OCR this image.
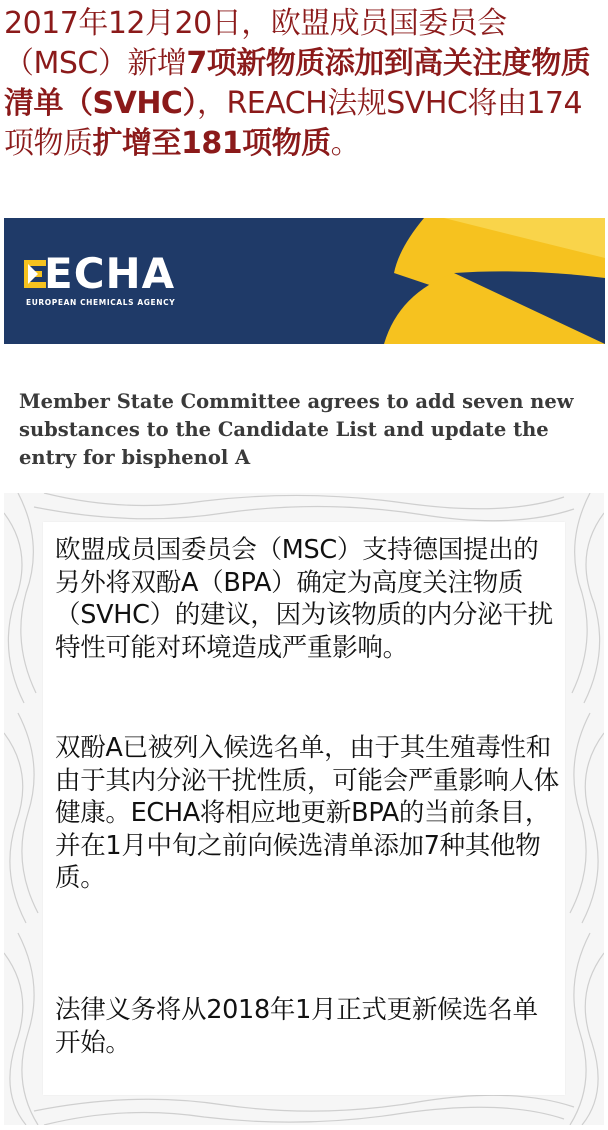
2017年12月20日，欧盟成员国委员会（MSC）新增7项新物质添加到高关注度物质清单（SVHC），REACH法规SVHC将由174项物质扩增至181项物质。
ECHA
EUROPEAN CHEMICALS AGENCY
Member State Committee agrees to add seven new substances to the Candidate List and update the entry for bisphenol A

欧盟成员国委员会（MSC）支持德国提出的另外将双酚A（BPA）确定为高度关注物质（SVHC）的建议，因为该物质的内分泌干扰特性可能对环境造成严重影响。

双酚A已被列入候选名单，由于其生殖毒性和由于其内分泌干扰性质，可能会严重影响人体健康。ECHA将相应地更新BPA的当前条目，并在1月中旬之前向候选清单添加7种其他物质。

法律义务将从2018年1月正式更新候选名单开始。
